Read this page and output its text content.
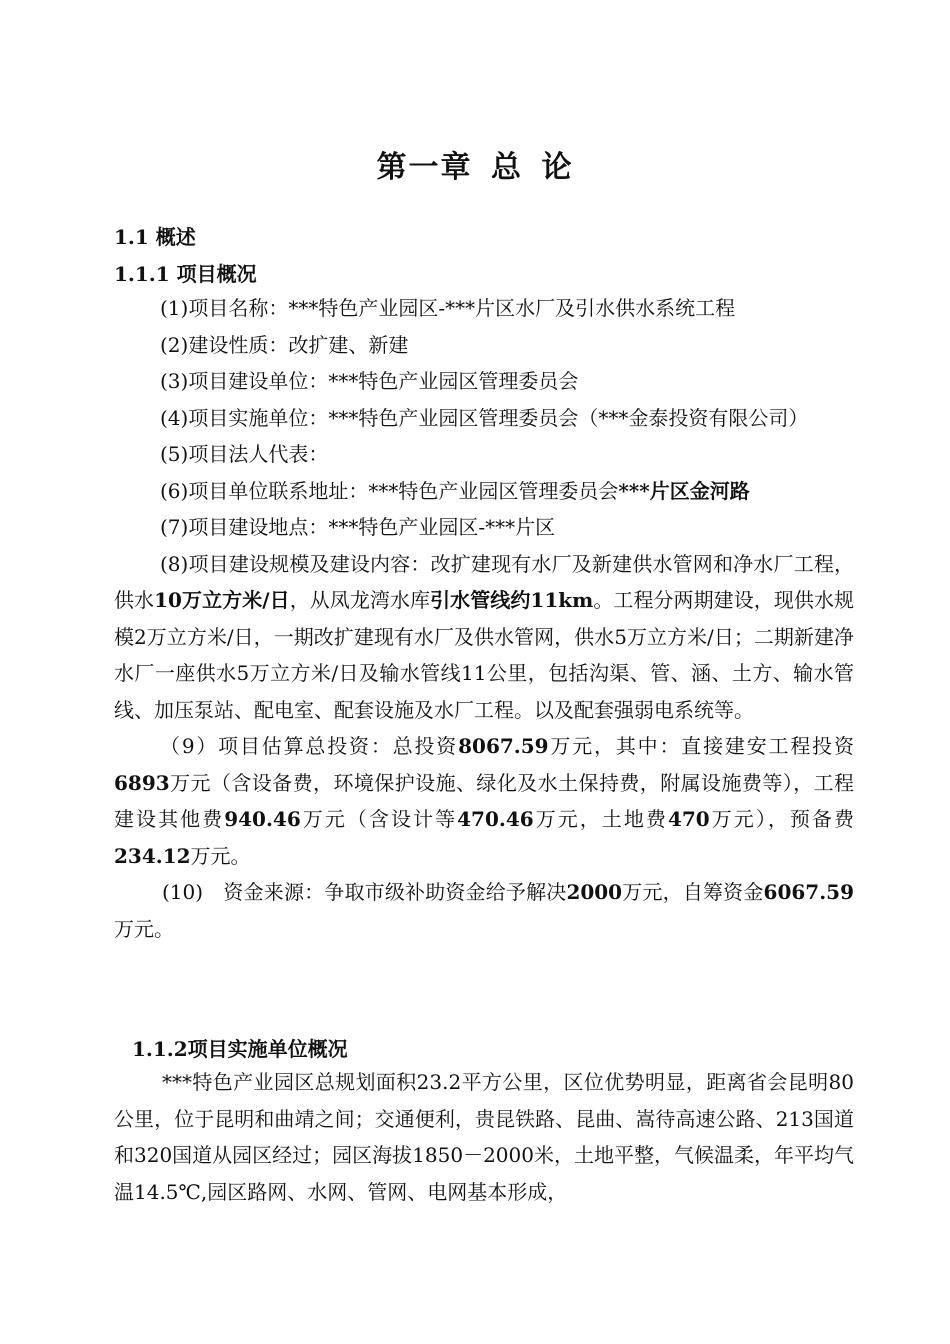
第一章 总 论
1.1 概述
1.1.1 项目概况

(1)项目名称：***特色产业园区-***片区水厂及引水供水系统工程

(2)建设性质：改扩建、新建

(3)项目建设单位：***特色产业园区管理委员会

(4)项目实施单位：***特色产业园区管理委员会（***金泰投资有限公司）

(5)项目法人代表：

(6)项目单位联系地址：***特色产业园区管理委员会***片区金河路

(7)项目建设地点：***特色产业园区-***片区

(8)项目建设规模及建设内容：改扩建现有水厂及新建供水管网和净水厂工程，供水10万立方米/日，从凤龙湾水库引水管线约11km。工程分两期建设，现供水规模2万立方米/日，一期改扩建现有水厂及供水管网，供水5万立方米/日；二期新建净水厂一座供水5万立方米/日及输水管线11公里，包括沟渠、管、涵、土方、输水管线、加压泵站、配电室、配套设施及水厂工程。以及配套强弱电系统等。

（9）项目估算总投资：总投资8067.59万元，其中：直接建安工程投资6893万元（含设备费，环境保护设施、绿化及水土保持费，附属设施费等），工程建设其他费940.46万元（含设计等470.46万元，土地费470万元），预备费234.12万元。

(10)　资金来源：争取市级补助资金给予解决2000万元，自筹资金6067.59万元。

1.1.2项目实施单位概况

***特色产业园区总规划面积23.2平方公里，区位优势明显，距离省会昆明80公里，位于昆明和曲靖之间；交通便利，贵昆铁路、昆曲、嵩待高速公路、213国道和320国道从园区经过；园区海拔1850－2000米，土地平整，气候温柔，年平均气温14.5℃,园区路网、水网、管网、电网基本形成，
